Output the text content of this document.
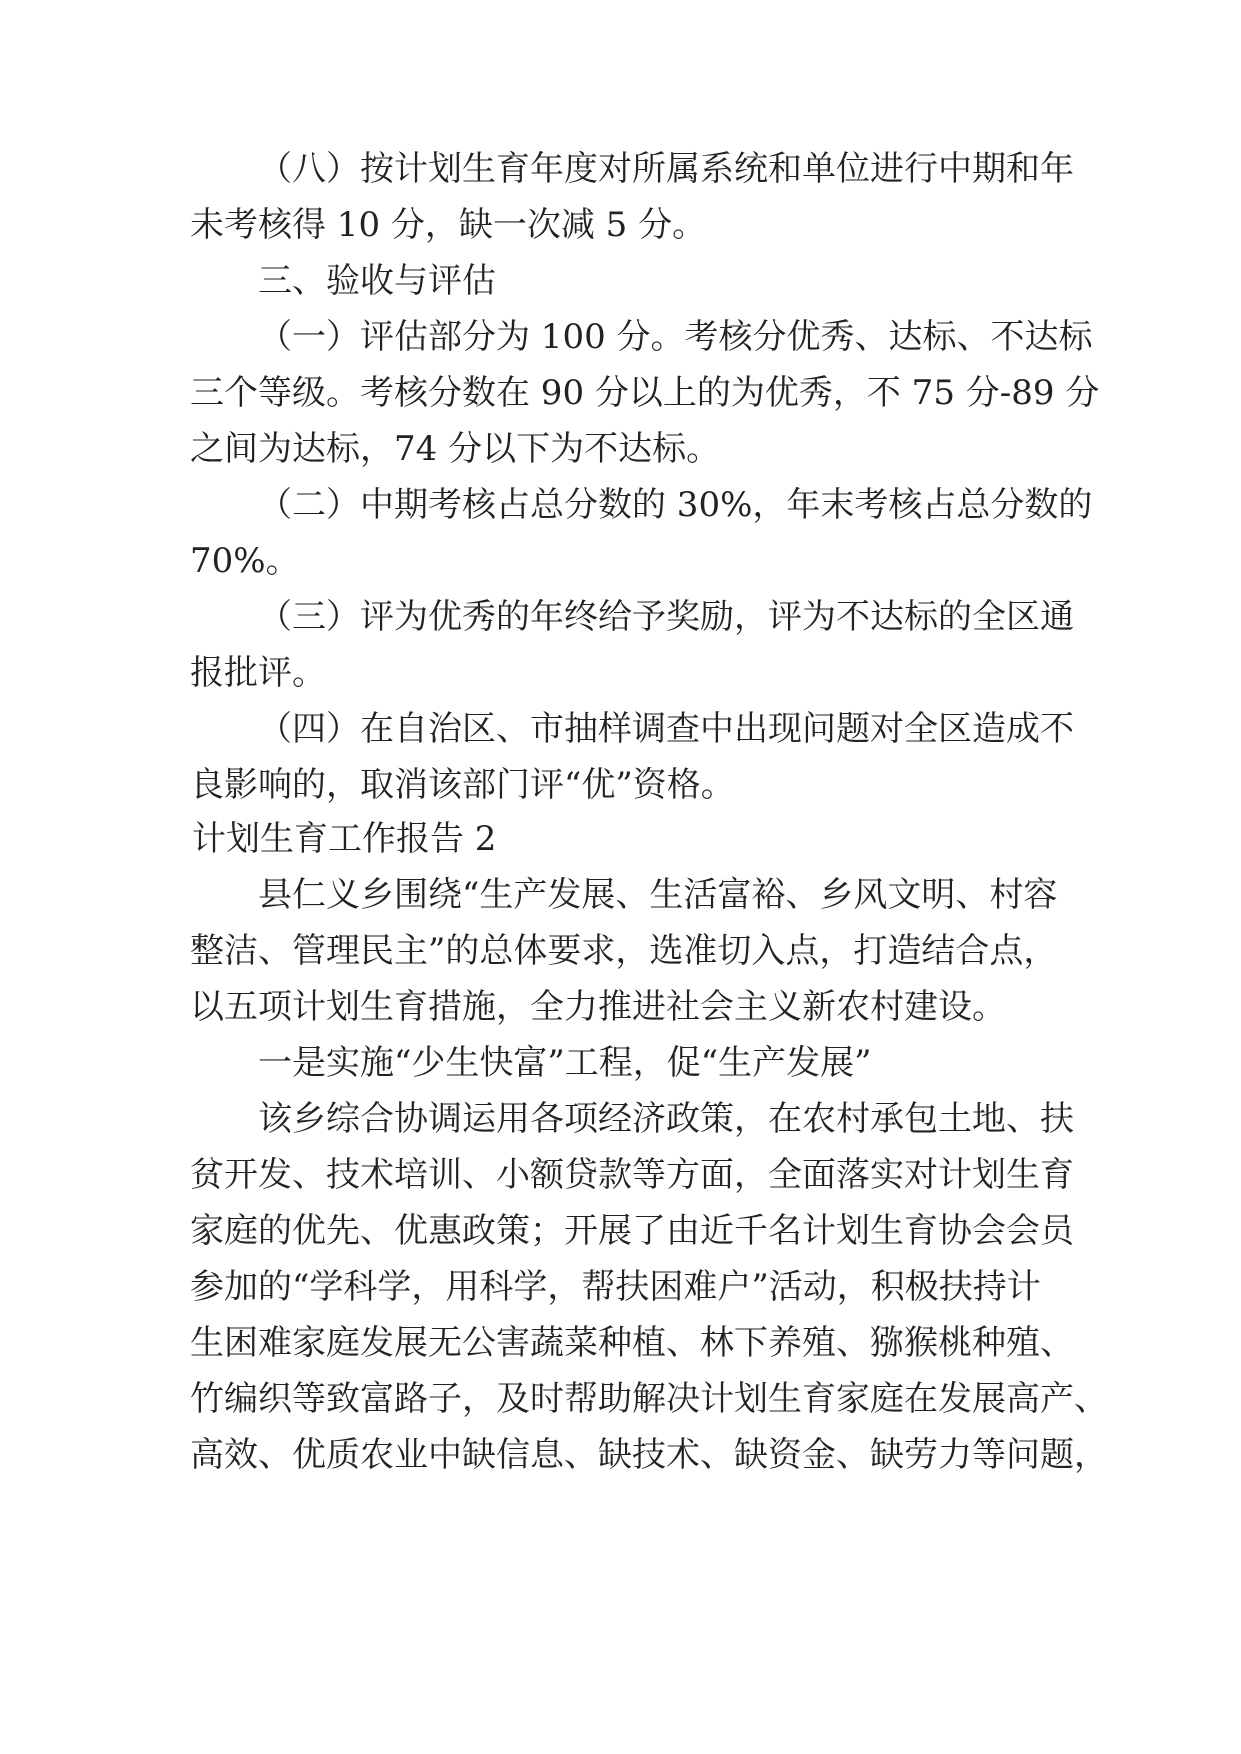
（八）按计划生育年度对所属系统和单位进行中期和年
未考核得 10 分，缺一次减 5 分。
三、验收与评估
（一）评估部分为 100 分。考核分优秀、达标、不达标
三个等级。考核分数在 90 分以上的为优秀，不 75 分-89 分
之间为达标，74 分以下为不达标。
（二）中期考核占总分数的 30%，年末考核占总分数的
70%。
（三）评为优秀的年终给予奖励，评为不达标的全区通
报批评。
（四）在自治区、市抽样调查中出现问题对全区造成不
良影响的，取消该部门评“优”资格。
计划生育工作报告 2
县仁义乡围绕“生产发展、生活富裕、乡风文明、村容
整洁、管理民主”的总体要求，选准切入点，打造结合点，
以五项计划生育措施，全力推进社会主义新农村建设。
一是实施“少生快富”工程，促“生产发展”
该乡综合协调运用各项经济政策，在农村承包土地、扶
贫开发、技术培训、小额贷款等方面，全面落实对计划生育
家庭的优先、优惠政策；开展了由近千名计划生育协会会员
参加的“学科学，用科学，帮扶困难户”活动，积极扶持计
生困难家庭发展无公害蔬菜种植、林下养殖、猕猴桃种殖、
竹编织等致富路子，及时帮助解决计划生育家庭在发展高产、
高效、优质农业中缺信息、缺技术、缺资金、缺劳力等问题，
